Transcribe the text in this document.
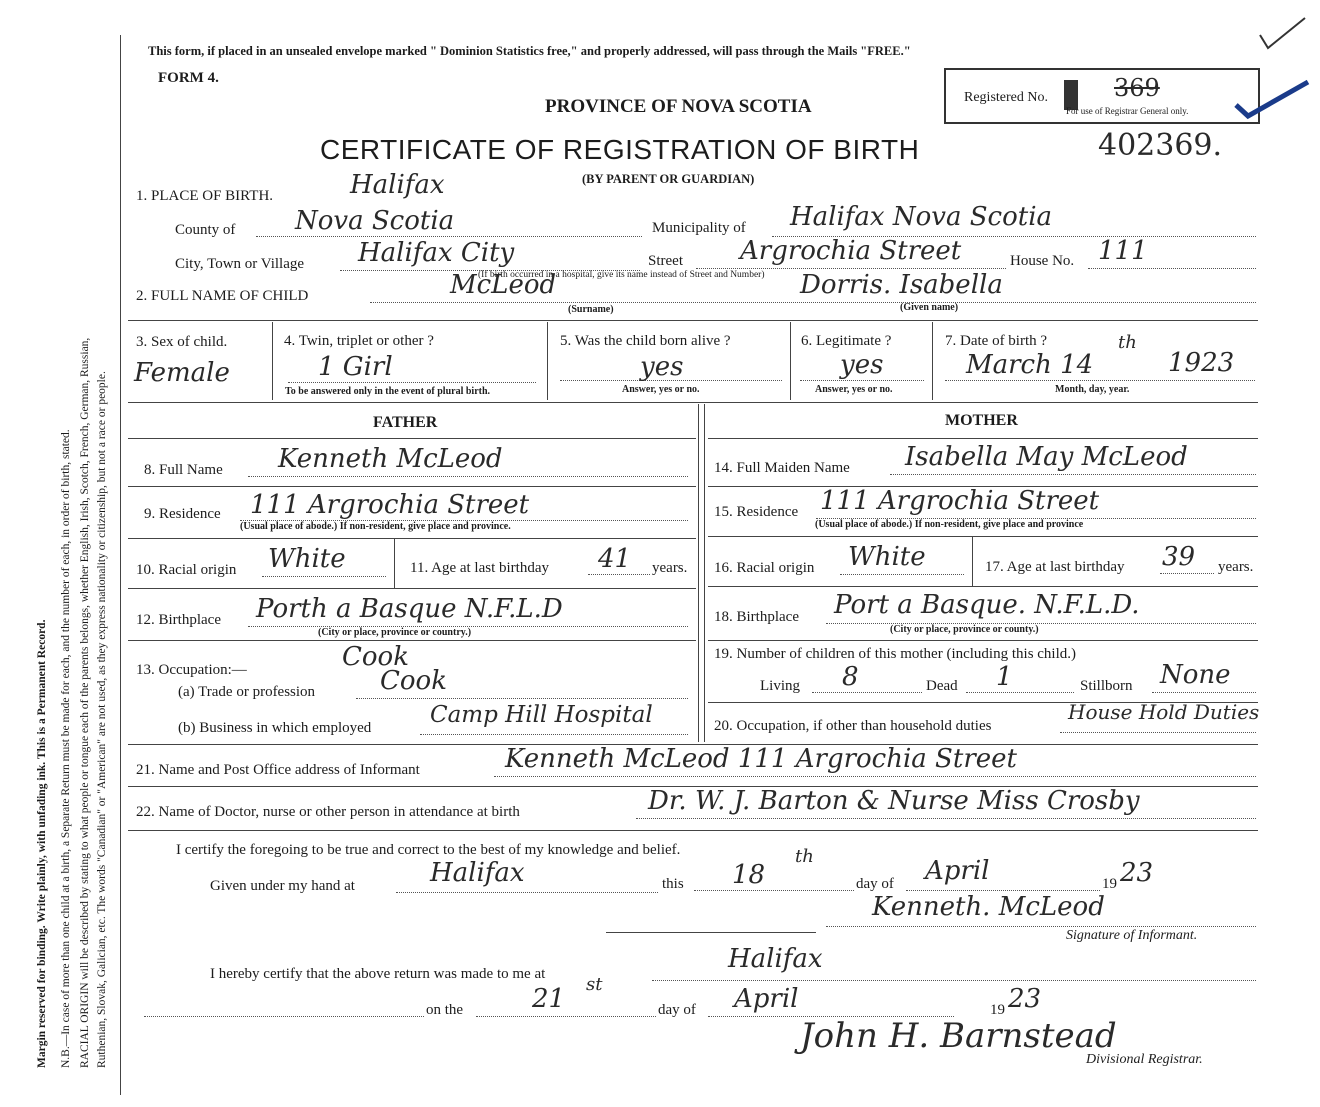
Margin reserved for binding. Write plainly, with unfading ink. This is a Permanent Record. N.B.—In case of more than one child at a birth, a Separate Return must be made for each, and the number of each, in order of birth, stated. RACIAL ORIGIN will be described by stating to what people or tongue each of the parents belongs, whether English, Irish, Scotch, French, German, Russian, Ruthenian, Slovak, Galician, etc. The words "Canadian" or "American" are not used, as they express nationality or citizenship, but not a race or people.
This form, if placed in an unsealed envelope marked " Dominion Statistics free," and properly addressed, will pass through the Mails "FREE."
FORM 4.
PROVINCE OF NOVA SCOTIA
CERTIFICATE OF REGISTRATION OF BIRTH	402369.
(BY PARENT OR GUARDIAN)
Registered No.	369
For use of Registrar General only.
1. PLACE OF BIRTH.	Halifax
County of Nova Scotia	Municipality of Halifax Nova Scotia
City, Town or Village Halifax City	Street Argrochia Street	House No. 111
(If birth occurred in a hospital, give its name instead of Street and Number)
2. FULL NAME OF CHILD	McLeod	Dorris. Isabella
(Surname)	(Given name)
3. Sex of child.
Female
4. Twin, triplet or other ?
1 Girl
To be answered only in the event of plural birth.
5. Was the child born alive ?
yes
Answer, yes or no.
6. Legitimate ?
yes
Answer, yes or no.
7. Date of birth ?
March 14
th
1923
Month, day, year.
FATHER	MOTHER
8. Full Name Kenneth McLeod
9. Residence 111 Argrochia Street
(Usual place of abode.) If non-resident, give place and province.
10. Racial origin White	11. Age at last birthday 41 years.
12. Birthplace Porth a Basque N.F.L.D
(City or place, province or country.)
13. Occupation:—	Cook
(a) Trade or profession Cook
(b) Business in which employed	Camp Hill Hospital
14. Full Maiden Name Isabella May McLeod
15. Residence 111 Argrochia Street
(Usual place of abode.) If non-resident, give place and province
16. Racial origin White	17. Age at last birthday 39 years.
18. Birthplace Port a Basque. N.F.L.D.
(City or place, province or county.)
19. Number of children of this mother (including this child.)
Living 8	Dead 1	Stillborn None
20. Occupation, if other than household duties
House Hold Duties
21. Name and Post Office address of Informant	Kenneth McLeod 111 Argrochia Street
22. Name of Doctor, nurse or other person in attendance at birth	Dr. W. J. Barton & Nurse Miss Crosby
I certify the foregoing to be true and correct to the best of my knowledge and belief.
Given under my hand at	Halifax	this 18
th
day of April	19 23
Kenneth. McLeod
Signature of Informant.
I hereby certify that the above return was made to me at	Halifax
on the	21 st
day of April	19 23
John H. Barnstead
Divisional Registrar.
